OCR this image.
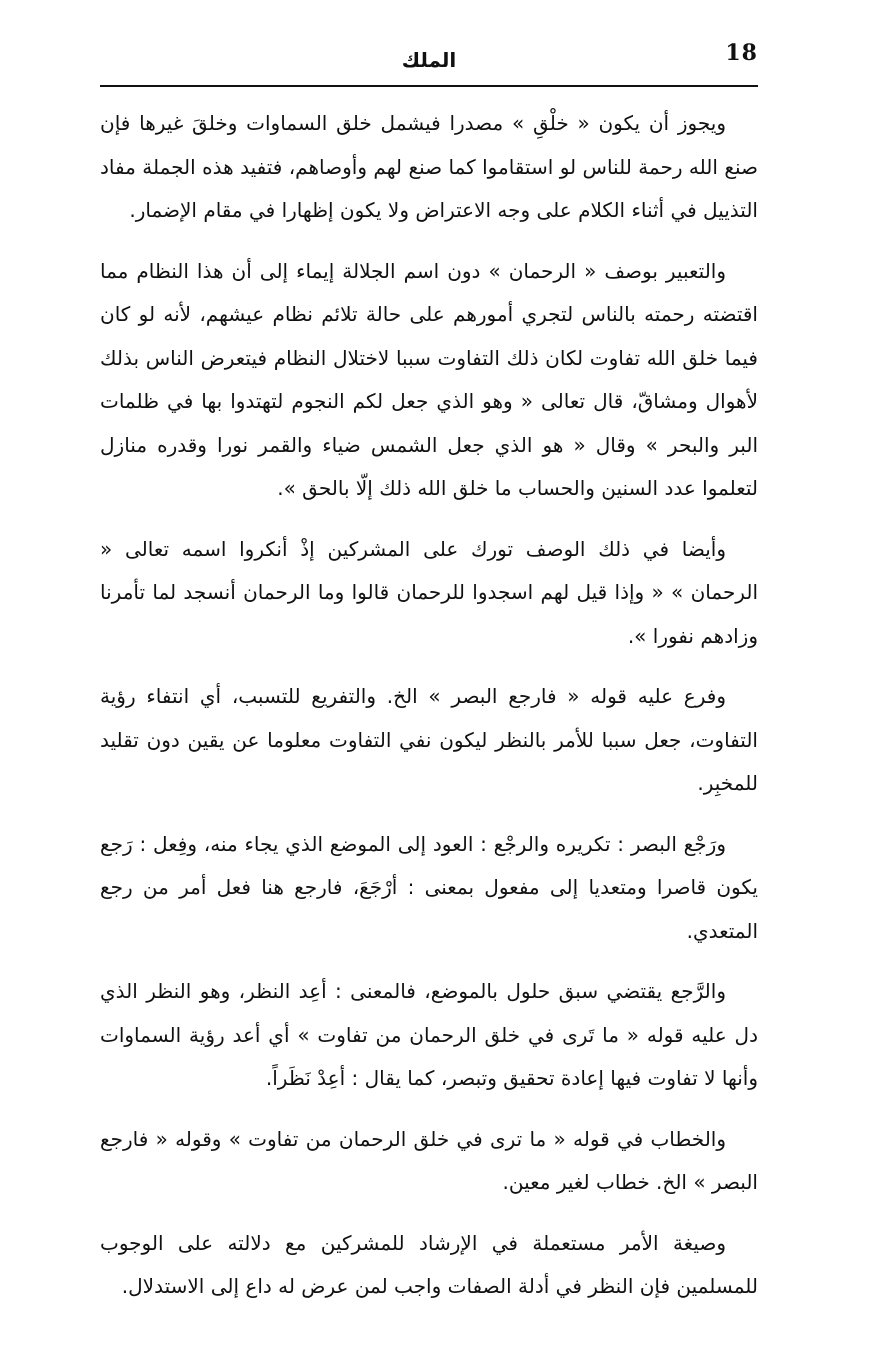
18
الملك

ويجوز أن يكون « خلْقِ » مصدرا فيشمل خلق السماوات وخلقَ غيرها فإن صنع الله رحمة للناس لو استقاموا كما صنع لهم وأوصاهم، فتفيد هذه الجملة مفاد التذييل في أثناء الكلام على وجه الاعتراض ولا يكون إظهارا في مقام الإضمار.

والتعبير بوصف « الرحمان » دون اسم الجلالة إيماء إلى أن هذا النظام مما اقتضته رحمته بالناس لتجري أمورهم على حالة تلائم نظام عيشهم، لأنه لو كان فيما خلق الله تفاوت لكان ذلك التفاوت سببا لاختلال النظام فيتعرض الناس بذلك لأهوال ومشاقّ، قال تعالى « وهو الذي جعل لكم النجوم لتهتدوا بها في ظلمات البر والبحر » وقال « هو الذي جعل الشمس ضياء والقمر نورا وقدره منازل لتعلموا عدد السنين والحساب ما خلق الله ذلك إلّا بالحق ».

وأيضا في ذلك الوصف تورك على المشركين إذْ أنكروا اسمه تعالى « الرحمان » « وإذا قيل لهم اسجدوا للرحمان قالوا وما الرحمان أنسجد لما تأمرنا وزادهم نفورا ».

وفرع عليه قوله « فارجع البصر » الخ. والتفريع للتسبب، أي انتفاء رؤية التفاوت، جعل سببا للأمر بالنظر ليكون نفي التفاوت معلوما عن يقين دون تقليد للمخبِر.

ورَجْع البصر : تكريره والرجْع : العود إلى الموضع الذي يجاء منه، وفِعل : رَجع يكون قاصرا ومتعديا إلى مفعول بمعنى : أرْجَعَ، فارجع هنا فعل أمر من رجع المتعدي.

والرَّجع يقتضي سبق حلول بالموضع، فالمعنى : أعِد النظر، وهو النظر الذي دل عليه قوله « ما تَرى في خلق الرحمان من تفاوت » أي أعد رؤية السماوات وأنها لا تفاوت فيها إعادة تحقيق وتبصر، كما يقال : أعِدْ نَظَراً.

والخطاب في قوله « ما ترى في خلق الرحمان من تفاوت » وقوله « فارجع البصر » الخ. خطاب لغير معين.

وصيغة الأمر مستعملة في الإرشاد للمشركين مع دلالته على الوجوب للمسلمين فإن النظر في أدلة الصفات واجب لمن عرض له داع إلى الاستدلال.
